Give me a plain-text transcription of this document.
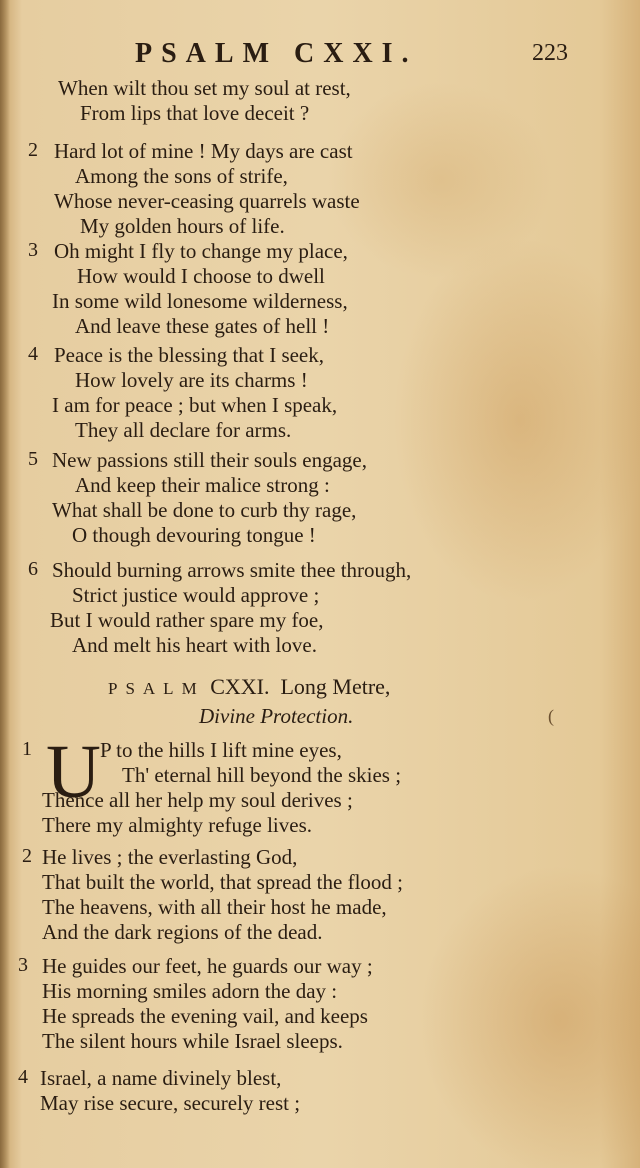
PSALM CXXI.	223
When wilt thou set my soul at rest,
From lips that love deceit ?
2 Hard lot of mine ! My days are cast
Among the sons of strife,
Whose never-ceasing quarrels waste
My golden hours of life.
3 Oh might I fly to change my place,
How would I choose to dwell
In some wild lonesome wilderness,
And leave these gates of hell !
4 Peace is the blessing that I seek,
How lovely are its charms !
I am for peace ; but when I speak,
They all declare for arms.
5 New passions still their souls engage,
And keep their malice strong :
What shall be done to curb thy rage,
O though devouring tongue !
6 Should burning arrows smite thee through,
Strict justice would approve ;
But I would rather spare my foe,
And melt his heart with love.
PSALM CXXI. Long Metre,
Divine Protection.	(
1 U P to the hills I lift mine eyes,
Th' eternal hill beyond the skies ;
Thence all her help my soul derives ;
There my almighty refuge lives.
2 He lives ; the everlasting God,
That built the world, that spread the flood ;
The heavens, with all their host he made,
And the dark regions of the dead.
3 He guides our feet, he guards our way ;
His morning smiles adorn the day :
He spreads the evening vail, and keeps
The silent hours while Israel sleeps.
4 Israel, a name divinely blest,
May rise secure, securely rest ;
